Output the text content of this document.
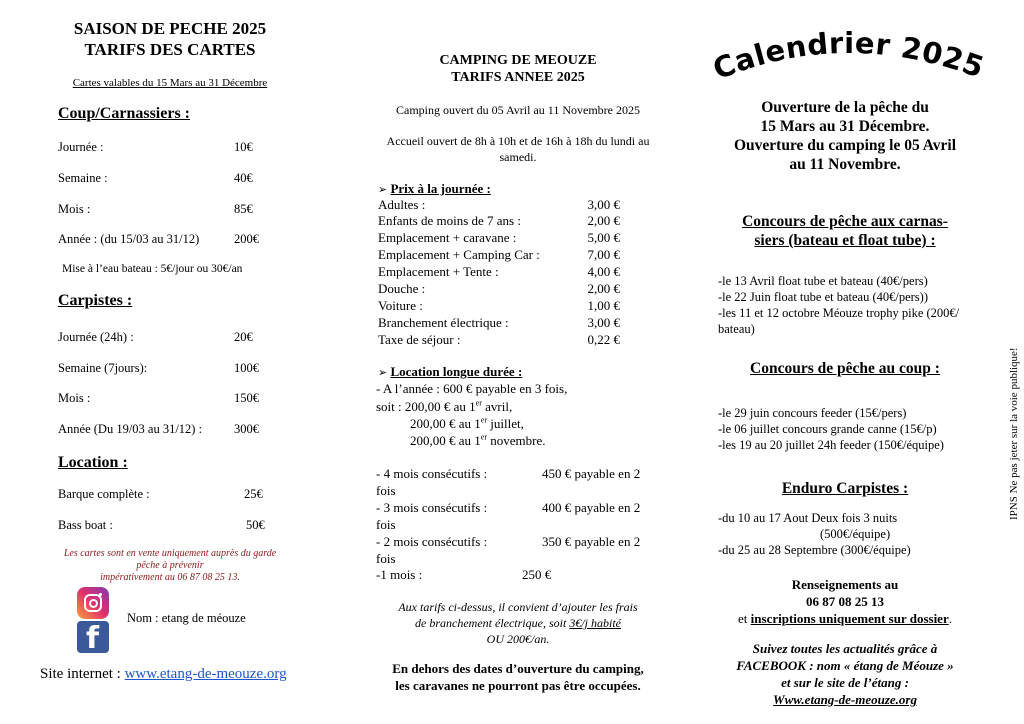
SAISON DE PECHE 2025
TARIFS DES CARTES
Cartes valables du 15 Mars au 31 Décembre
Coup/Carnassiers :
Journée :	10€
Semaine :	40€
Mois :	85€
Année : (du 15/03 au 31/12)	200€
Mise à l’eau bateau : 5€/jour ou 30€/an
Carpistes :
Journée (24h) :	20€
Semaine (7jours):	100€
Mois :	150€
Année (Du 19/03 au 31/12) :	300€
Location :
Barque complète :	25€
Bass boat :	50€
Les cartes sont en vente uniquement auprès du garde
pêche à prévenir
impérativement au 06 87 08 25 13.
f
Nom : etang de méouze
Site internet : www.etang-de-meouze.org
CAMPING DE MEOUZE
TARIFS ANNEE 2025
Camping ouvert du 05 Avril au 11 Novembre 2025
Accueil ouvert de 8h à 10h et de 16h à 18h du lundi au
samedi.
➢ Prix à la journée :
Adultes :	3,00 €
Enfants de moins de 7 ans :	2,00 €
Emplacement + caravane :	5,00 €
Emplacement + Camping Car :	7,00 €
Emplacement + Tente :	4,00 €
Douche :	2,00 €
Voiture :	1,00 €
Branchement électrique :	3,00 €
Taxe de séjour :	0,22 €
➢ Location longue durée :
- A l’année : 600 € payable en 3 fois,
soit : 200,00 € au 1er avril,
200,00 € au 1er juillet,
200,00 € au 1er novembre.
- 4 mois consécutifs :	450 € payable en 2
fois
- 3 mois consécutifs :	400 € payable en 2
fois
- 2 mois consécutifs :	350 € payable en 2
fois
-1 mois :	250 €
Aux tarifs ci-dessus, il convient d’ajouter les frais
de branchement électrique, soit 3€/j habité
OU 200€/an.
En dehors des dates d’ouverture du camping,
les caravanes ne pourront pas être occupées.
Calendrier 2025
Ouverture de la pêche du
15 Mars au 31 Décembre.
Ouverture du camping le 05 Avril
au 11 Novembre.
Concours de pêche aux carnas-
siers (bateau et float tube) :
-le 13 Avril float tube et bateau (40€/pers)
-le 22 Juin float tube et bateau (40€/pers))
-les 11 et 12 octobre Méouze trophy pike (200€/
bateau)
Concours de pêche au coup :
-le 29 juin concours feeder (15€/pers)
-le 06 juillet concours grande canne (15€/p)
-les 19 au 20 juillet 24h feeder (150€/équipe)
Enduro Carpistes :
-du 10 au 17 Aout Deux fois 3 nuits
(500€/équipe)
-du 25 au 28 Septembre (300€/équipe)
Renseignements au
06 87 08 25 13
et inscriptions uniquement sur dossier.
Suivez toutes les actualités grâce à
FACEBOOK : nom « étang de Méouze »
et sur le site de l’étang :
Www.etang-de-meouze.org
IPNS Ne pas jeter sur la voie publique!
